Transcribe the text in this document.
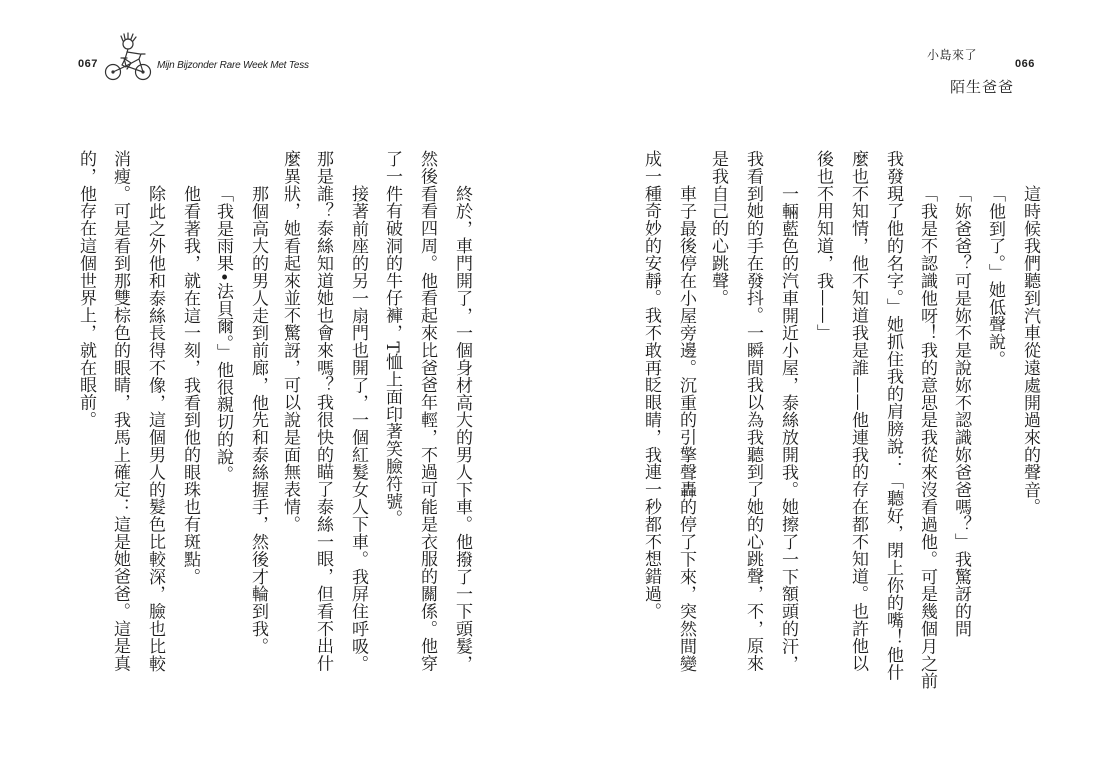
067	Mijn Bijzonder Rare Week Met Tess
終於，車門開了，一個身材高大的男人下車。他撥了一下頭髮，
然後看看四周。他看起來比爸爸年輕，不過可能是衣服的關係。他穿
了一件有破洞的牛仔褲，T恤上面印著笑臉符號。
接著前座的另一扇門也開了，一個紅髮女人下車。我屏住呼吸。
那是誰？泰絲知道她也會來嗎？我很快的瞄了泰絲一眼，但看不出什
麼異狀，她看起來並不驚訝，可以說是面無表情。
那個高大的男人走到前廊，他先和泰絲握手，然後才輪到我。
「我是雨果•法貝爾。」他很親切的說。
他看著我，就在這一刻，我看到他的眼珠也有斑點。
除此之外他和泰絲長得不像，這個男人的髮色比較深，臉也比較
消瘦。可是看到那雙棕色的眼睛，我馬上確定：這是她爸爸。這是真
的，他存在這個世界上，就在眼前。
小島來了
陌生爸爸
066
這時候我們聽到汽車從遠處開過來的聲音。
「他到了。」她低聲說。
「妳爸爸？可是妳不是說妳不認識妳爸爸嗎？」我驚訝的問
「我是不認識他呀！我的意思是我從來沒看過他。可是幾個月之前
我發現了他的名字。」她抓住我的肩膀說：「聽好，閉上你的嘴！他什
麼也不知情，他不知道我是誰——他連我的存在都不知道。也許他以
後也不用知道，我——」
一輛藍色的汽車開近小屋，泰絲放開我。她擦了一下額頭的汗，
我看到她的手在發抖。一瞬間我以為我聽到了她的心跳聲，不，原來
是我自己的心跳聲。
車子最後停在小屋旁邊。沉重的引擎聲轟的停了下來，突然間變
成一種奇妙的安靜。我不敢再眨眼睛，我連一秒都不想錯過。
